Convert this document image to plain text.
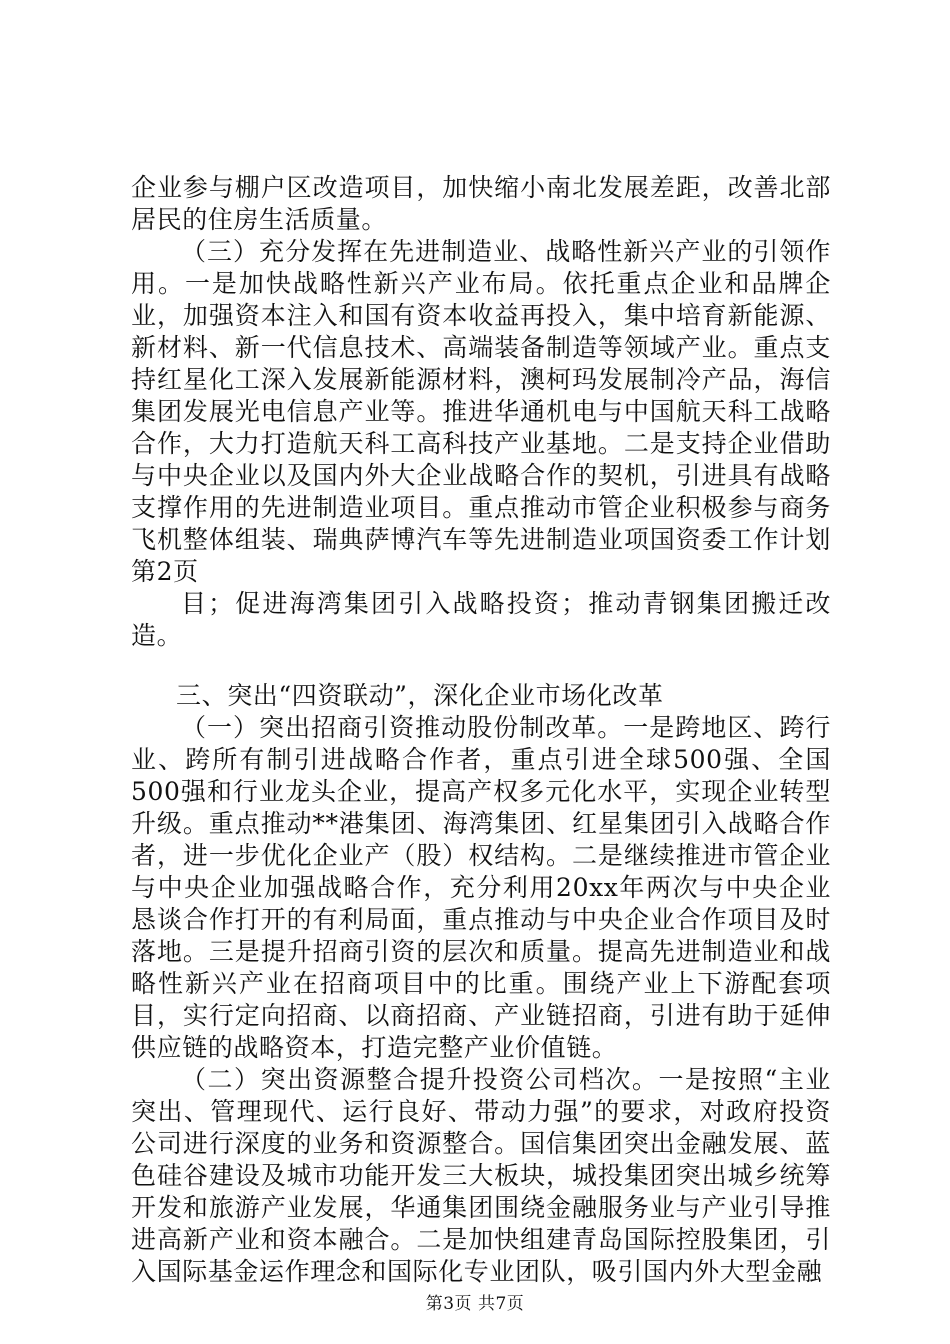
企业参与棚户区改造项目，加快缩小南北发展差距，改善北部居民的住房生活质量。

（三）充分发挥在先进制造业、战略性新兴产业的引领作用。一是加快战略性新兴产业布局。依托重点企业和品牌企业，加强资本注入和国有资本收益再投入，集中培育新能源、新材料、新一代信息技术、高端装备制造等领域产业。重点支持红星化工深入发展新能源材料，澳柯玛发展制冷产品，海信集团发展光电信息产业等。推进华通机电与中国航天科工战略合作，大力打造航天科工高科技产业基地。二是支持企业借助与中央企业以及国内外大企业战略合作的契机，引进具有战略支撑作用的先进制造业项目。重点推动市管企业积极参与商务飞机整体组装、瑞典萨博汽车等先进制造业项国资委工作计划第2页

目；促进海湾集团引入战略投资；推动青钢集团搬迁改造。

三、突出“四资联动”，深化企业市场化改革

（一）突出招商引资推动股份制改革。一是跨地区、跨行业、跨所有制引进战略合作者，重点引进全球500强、全国500强和行业龙头企业，提高产权多元化水平，实现企业转型升级。重点推动**港集团、海湾集团、红星集团引入战略合作者，进一步优化企业产（股）权结构。二是继续推进市管企业与中央企业加强战略合作，充分利用20xx年两次与中央企业恳谈合作打开的有利局面，重点推动与中央企业合作项目及时落地。三是提升招商引资的层次和质量。提高先进制造业和战略性新兴产业在招商项目中的比重。围绕产业上下游配套项目，实行定向招商、以商招商、产业链招商，引进有助于延伸供应链的战略资本，打造完整产业价值链。

（二）突出资源整合提升投资公司档次。一是按照“主业突出、管理现代、运行良好、带动力强”的要求，对政府投资公司进行深度的业务和资源整合。国信集团突出金融发展、蓝色硅谷建设及城市功能开发三大板块，城投集团突出城乡统筹开发和旅游产业发展，华通集团围绕金融服务业与产业引导推进高新产业和资本融合。二是加快组建青岛国际控股集团，引入国际基金运作理念和国际化专业团队，吸引国内外大型金融

第3页 共7页
